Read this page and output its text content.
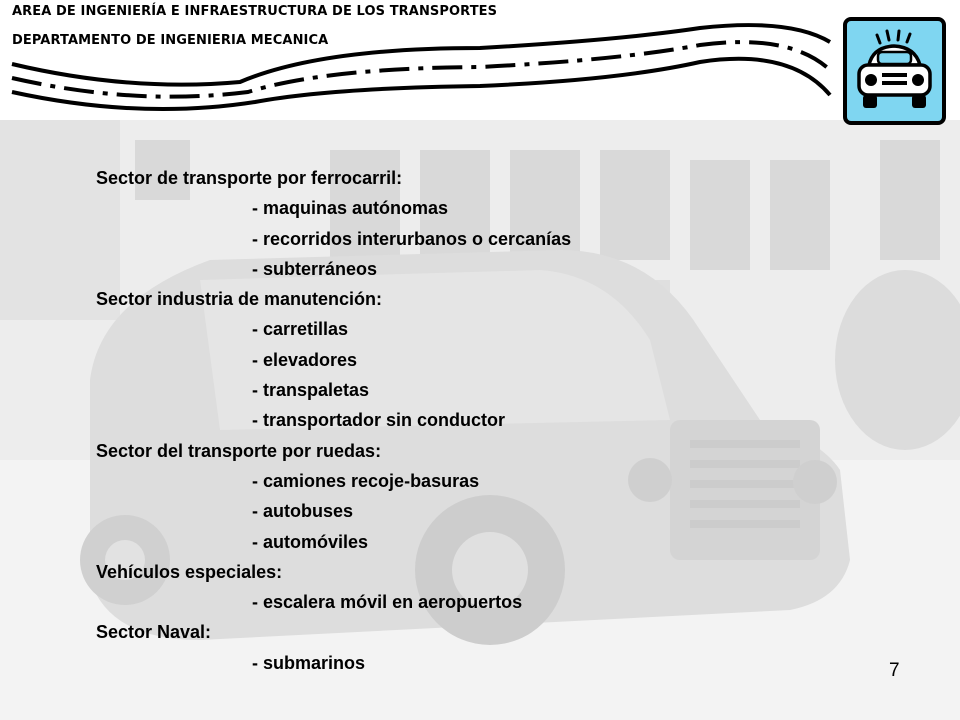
AREA DE INGENIERÍA E INFRAESTRUCTURA DE LOS TRANSPORTES
DEPARTAMENTO DE INGENIERIA MECANICA
Sector de transporte por ferrocarril:
- maquinas autónomas
- recorridos interurbanos o cercanías
- subterráneos
Sector industria de manutención:
- carretillas
- elevadores
- transpaletas
- transportador sin conductor
Sector del transporte por ruedas:
- camiones recoje-basuras
- autobuses
- automóviles
Vehículos especiales:
- escalera móvil en aeropuertos
Sector Naval:
- submarinos	7
